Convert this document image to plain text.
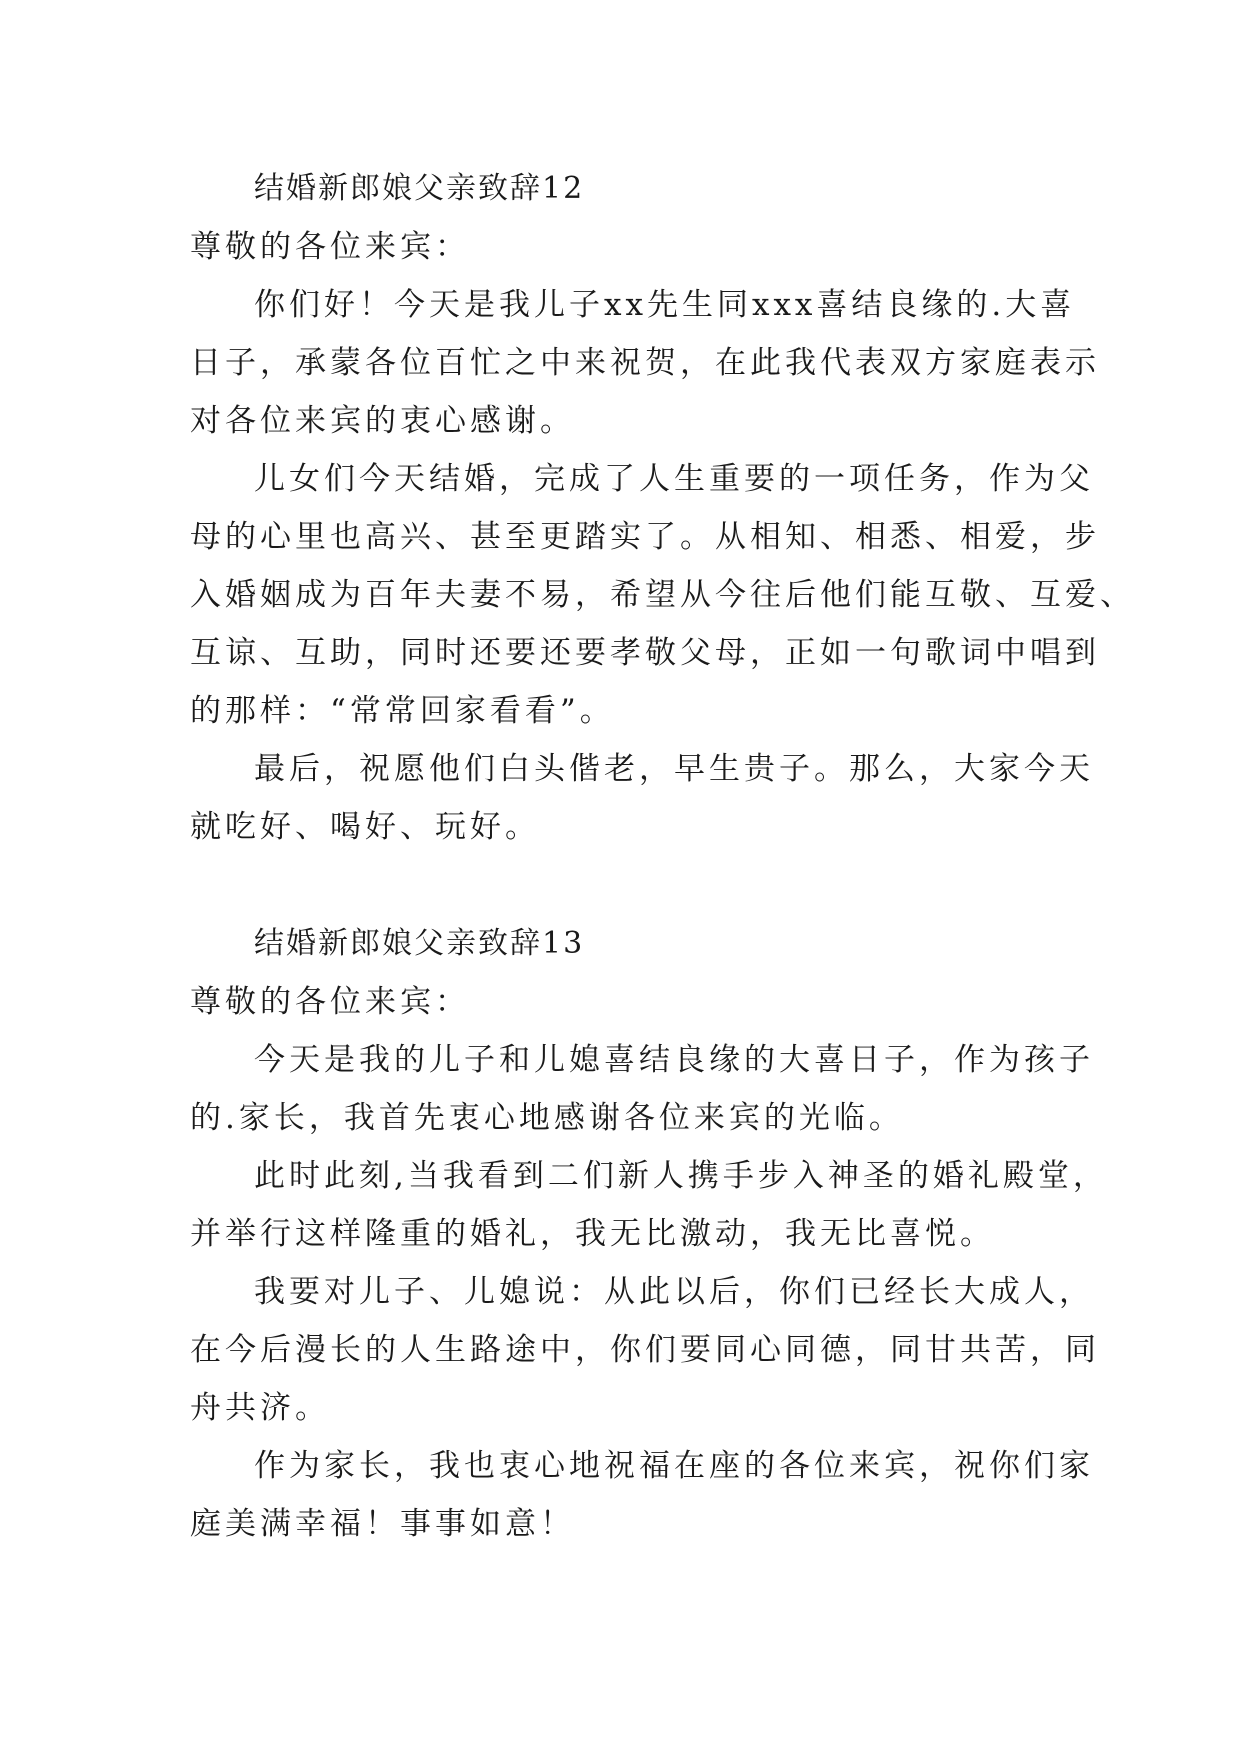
结婚新郎娘父亲致辞12

尊敬的各位来宾：

你们好！今天是我儿子xx先生同xxx喜结良缘的.大喜

日子，承蒙各位百忙之中来祝贺，在此我代表双方家庭表示

对各位来宾的衷心感谢。

儿女们今天结婚，完成了人生重要的一项任务，作为父

母的心里也高兴、甚至更踏实了。从相知、相悉、相爱，步

入婚姻成为百年夫妻不易，希望从今往后他们能互敬、互爱、

互谅、互助，同时还要还要孝敬父母，正如一句歌词中唱到

的那样：“常常回家看看”。

最后，祝愿他们白头偕老，早生贵子。那么，大家今天

就吃好、喝好、玩好。

结婚新郎娘父亲致辞13

尊敬的各位来宾：

今天是我的儿子和儿媳喜结良缘的大喜日子，作为孩子

的.家长，我首先衷心地感谢各位来宾的光临。

此时此刻,当我看到二们新人携手步入神圣的婚礼殿堂，

并举行这样隆重的婚礼，我无比激动，我无比喜悦。

我要对儿子、儿媳说：从此以后，你们已经长大成人，

在今后漫长的人生路途中，你们要同心同德，同甘共苦，同

舟共济。

作为家长，我也衷心地祝福在座的各位来宾，祝你们家

庭美满幸福！事事如意！
